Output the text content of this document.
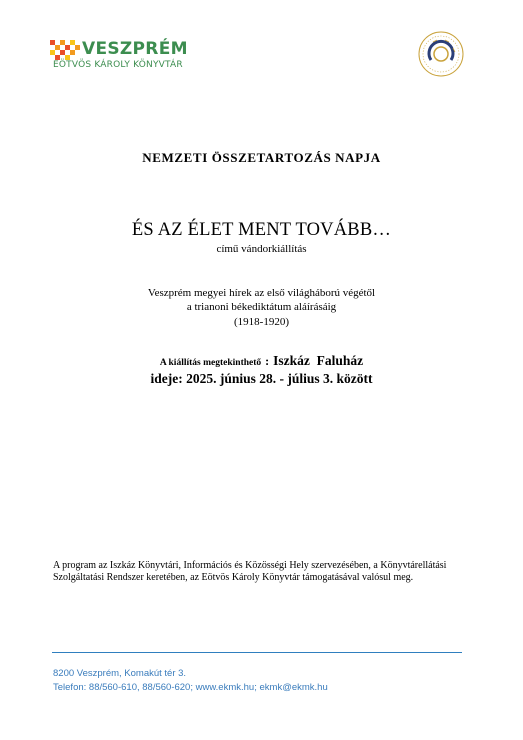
VESZPRÉM
EÖTVÖS KÁROLY KÖNYVTÁR
NEMZETI ÖSSZETARTOZÁS NAPJA
ÉS AZ ÉLET MENT TOVÁBB…
című vándorkiállítás
Veszprém megyei hírek az első világháború végétől
a trianoni békediktátum aláírásáig
(1918-1920)
A kiállítás megtekinthető : Iszkáz  Faluház
ideje: 2025. június 28. - július 3. között
A program az Iszkáz Könyvtári, Információs és Közösségi Hely szervezésében, a Könyvtárellátási
Szolgáltatási Rendszer keretében, az Eötvös Károly Könyvtár támogatásával valósul meg.
8200 Veszprém, Komakút tér 3.
Telefon: 88/560-610, 88/560-620; www.ekmk.hu; ekmk@ekmk.hu
